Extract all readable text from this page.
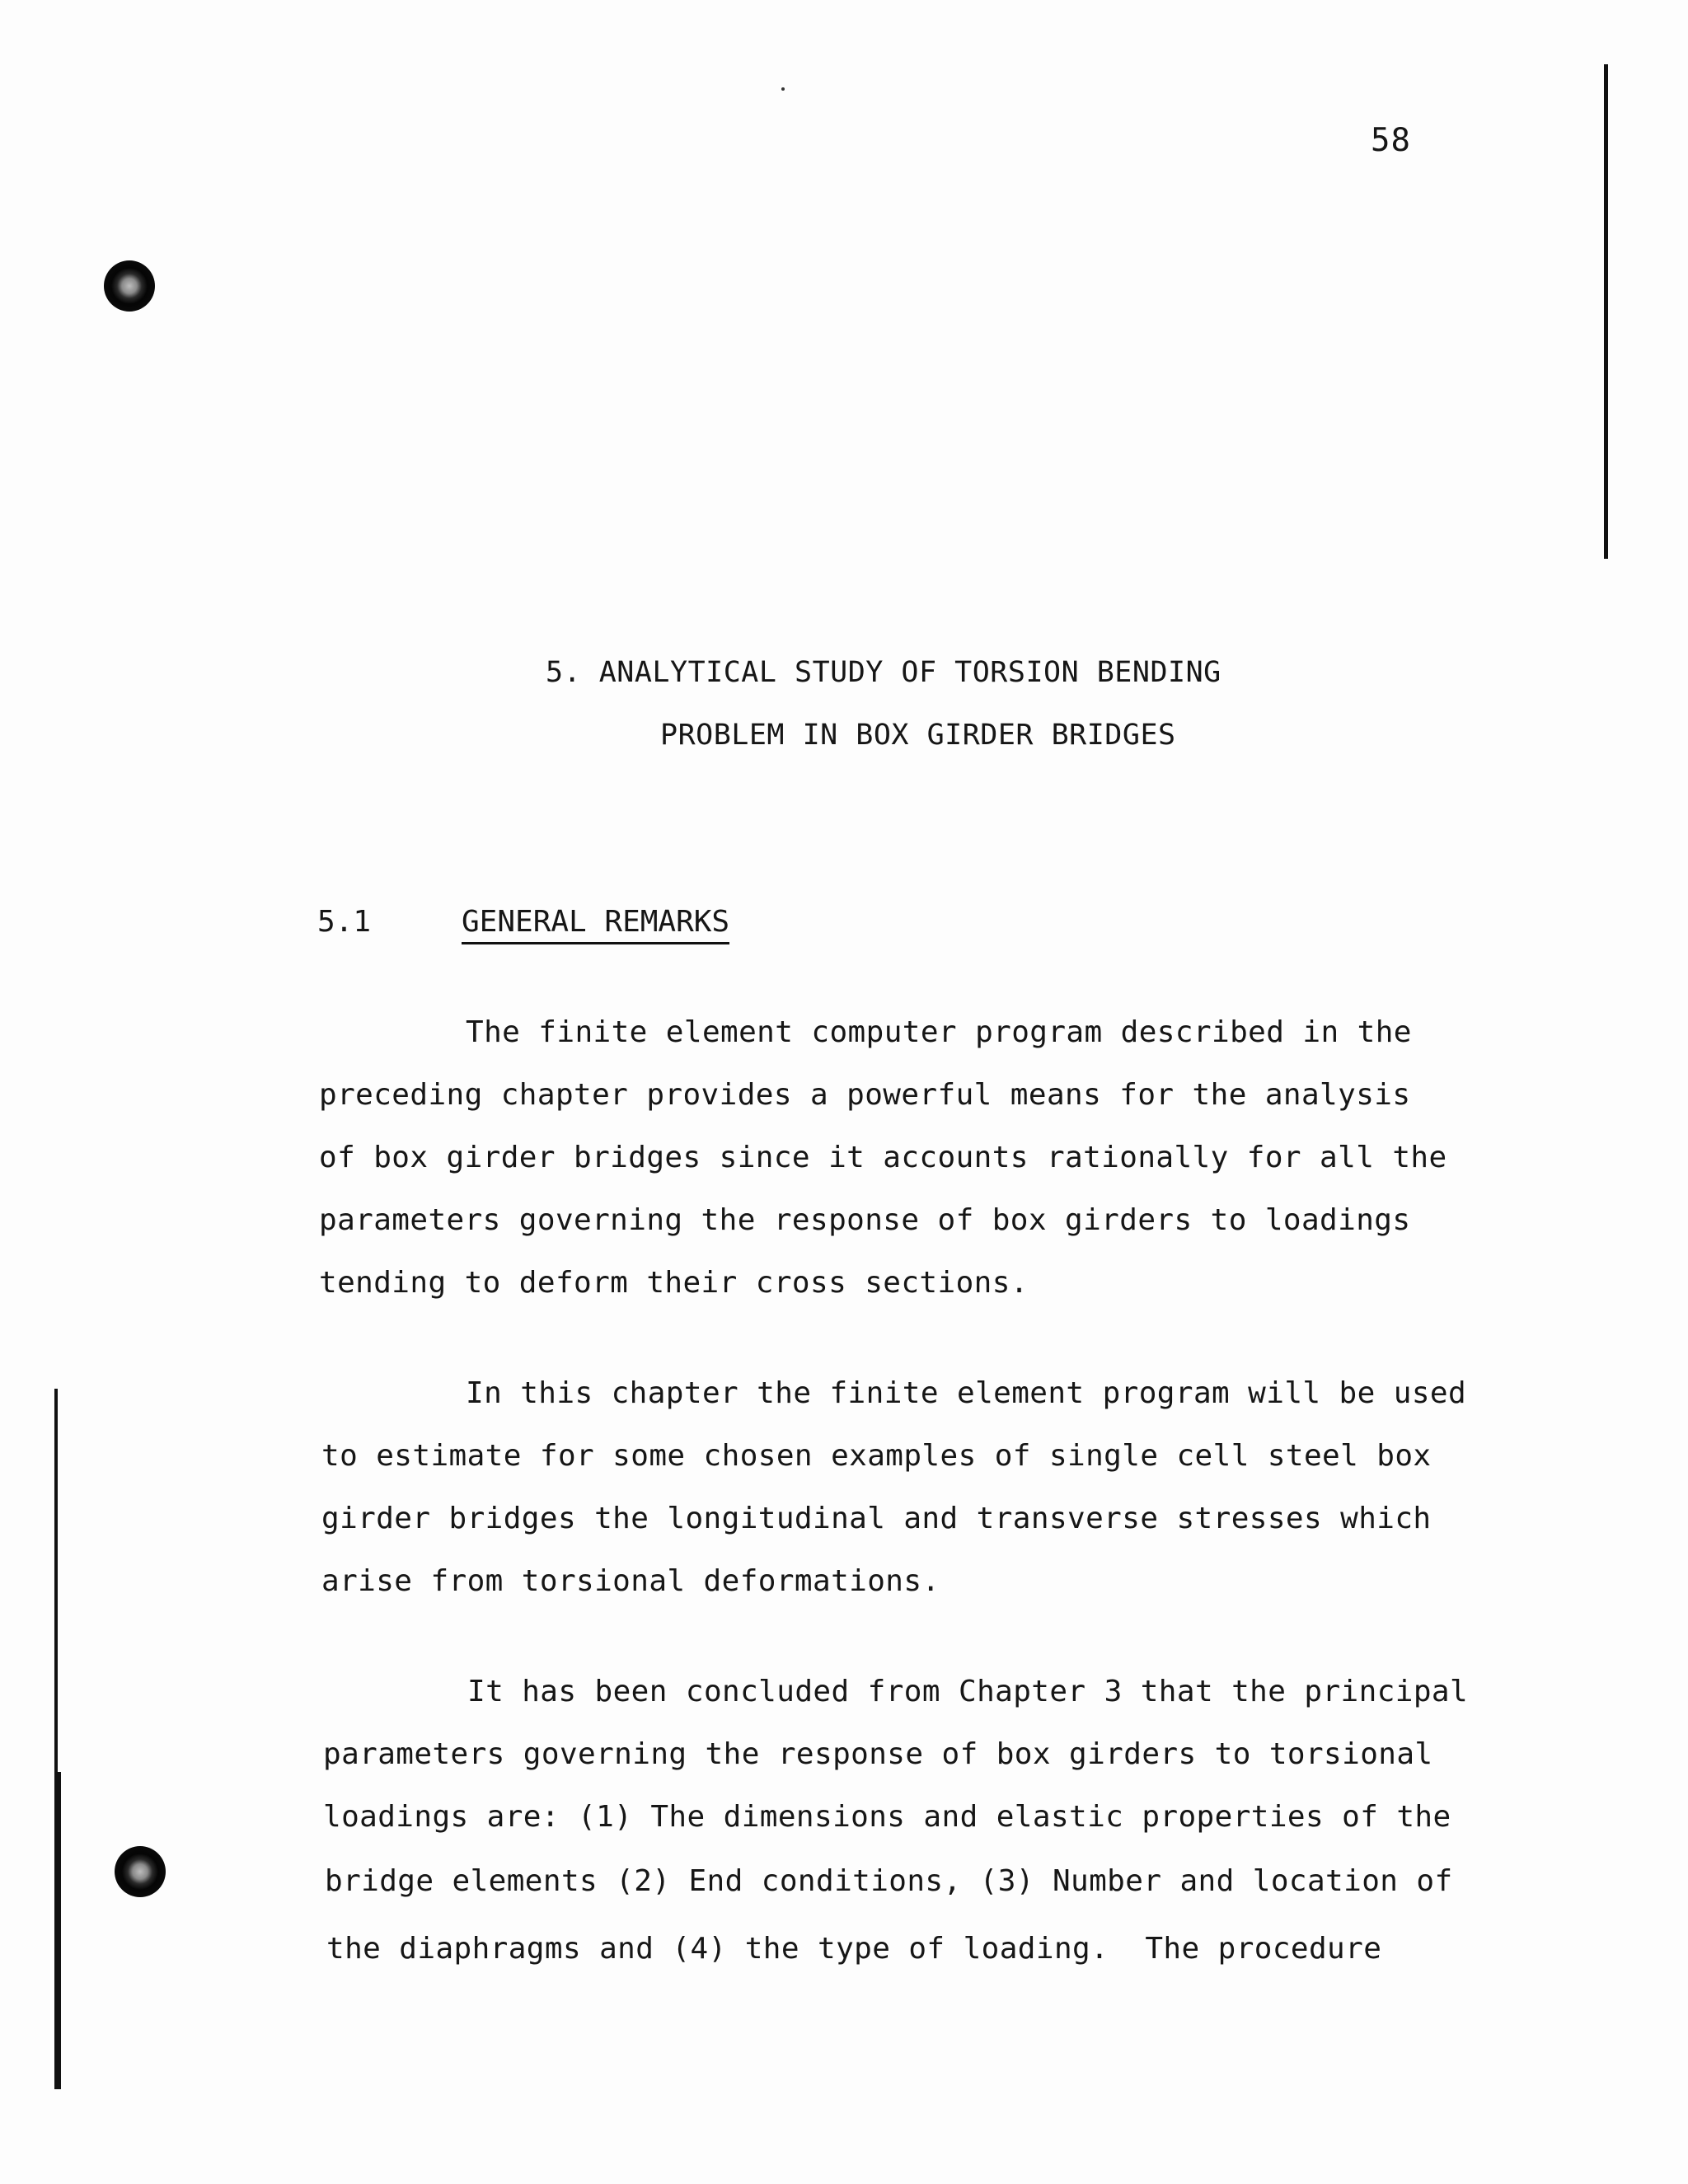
58
5. ANALYTICAL STUDY OF TORSION BENDING
PROBLEM IN BOX GIRDER BRIDGES
5.1	GENERAL REMARKS
The finite element computer program described in the
preceding chapter provides a powerful means for the analysis
of box girder bridges since it accounts rationally for all the
parameters governing the response of box girders to loadings
tending to deform their cross sections.
In this chapter the finite element program will be used
to estimate for some chosen examples of single cell steel box
girder bridges the longitudinal and transverse stresses which
arise from torsional deformations.
It has been concluded from Chapter 3 that the principal
parameters governing the response of box girders to torsional
loadings are: (1) The dimensions and elastic properties of the
bridge elements (2) End conditions, (3) Number and location of
the diaphragms and (4) the type of loading.  The procedure
